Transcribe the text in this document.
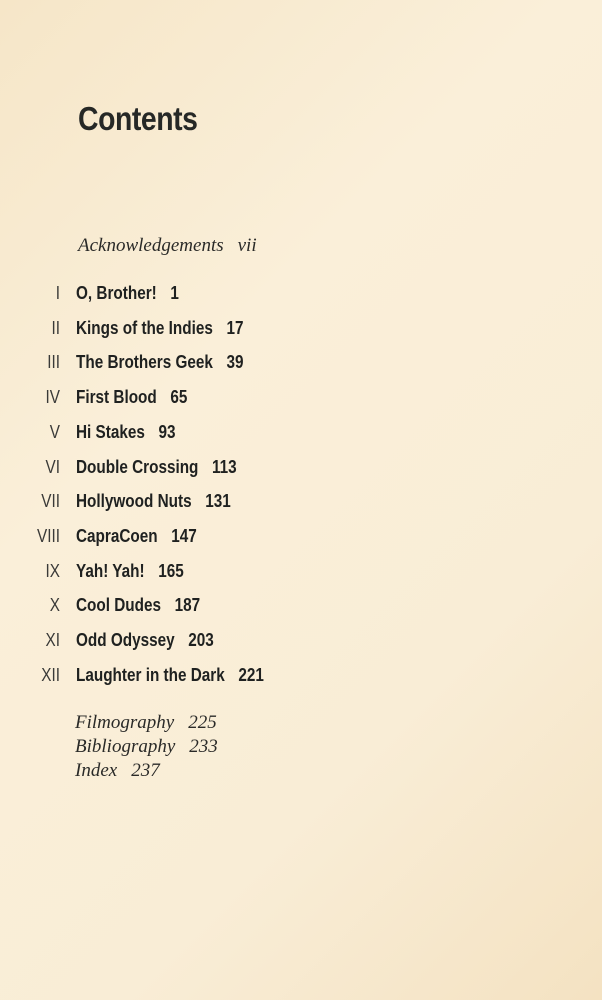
Contents
Acknowledgements vii
I O, Brother! 1
II Kings of the Indies 17
III The Brothers Geek 39
IV First Blood 65
V Hi Stakes 93
VI Double Crossing 113
VII Hollywood Nuts 131
VIII CapraCoen 147
IX Yah! Yah! 165
X Cool Dudes 187
XI Odd Odyssey 203
XII Laughter in the Dark 221
Filmography 225
Bibliography 233
Index 237
